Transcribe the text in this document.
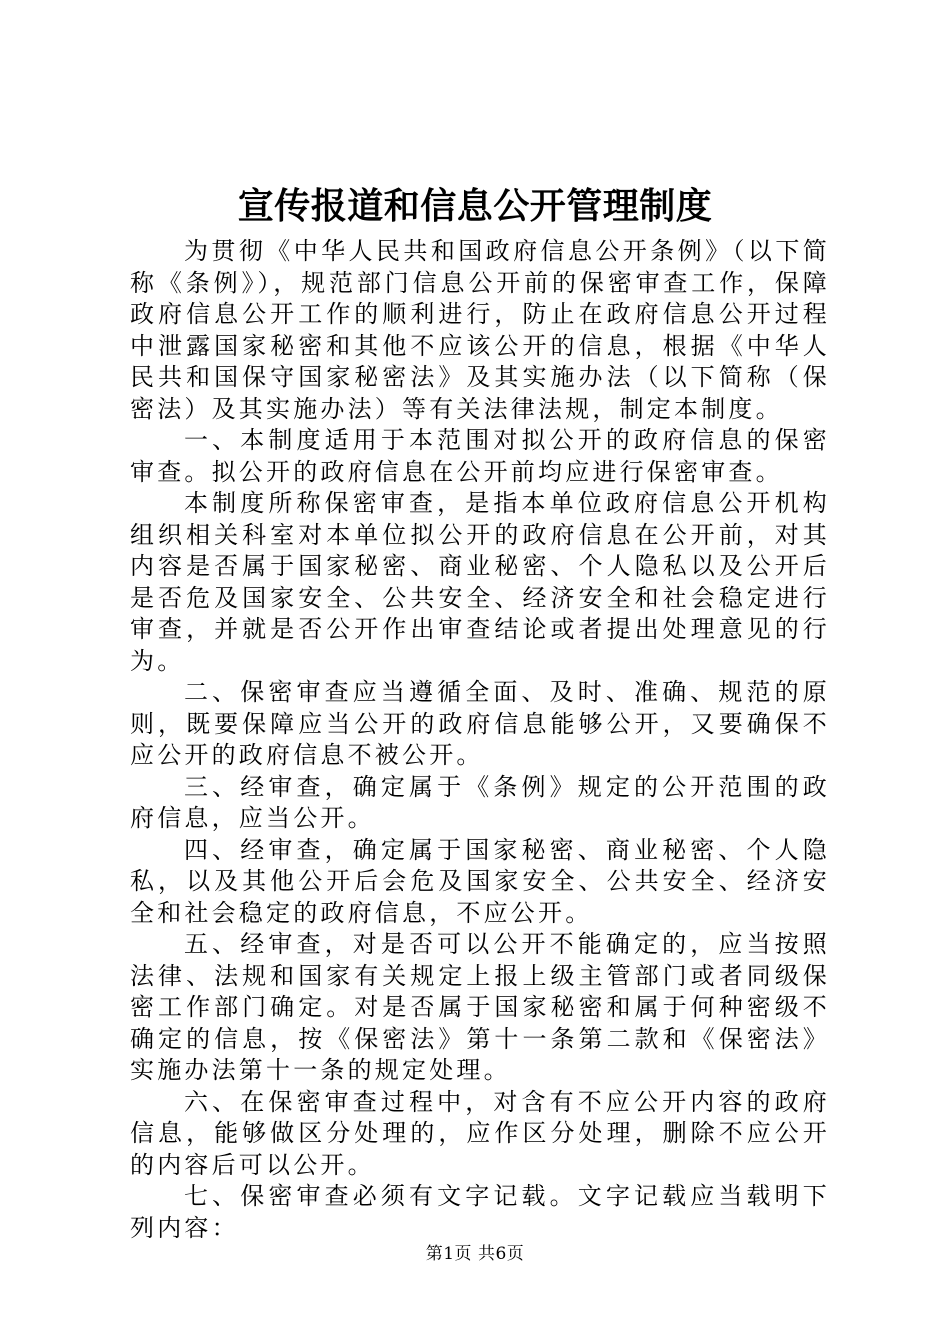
宣传报道和信息公开管理制度

为贯彻《中华人民共和国政府信息公开条例》（以下简称《条例》），规范部门信息公开前的保密审查工作，保障政府信息公开工作的顺利进行，防止在政府信息公开过程中泄露国家秘密和其他不应该公开的信息，根据《中华人民共和国保守国家秘密法》及其实施办法（以下简称（保密法）及其实施办法）等有关法律法规，制定本制度。

一、本制度适用于本范围对拟公开的政府信息的保密审查。拟公开的政府信息在公开前均应进行保密审查。

本制度所称保密审查，是指本单位政府信息公开机构组织相关科室对本单位拟公开的政府信息在公开前，对其内容是否属于国家秘密、商业秘密、个人隐私以及公开后是否危及国家安全、公共安全、经济安全和社会稳定进行审查，并就是否公开作出审查结论或者提出处理意见的行为。

二、保密审查应当遵循全面、及时、准确、规范的原则，既要保障应当公开的政府信息能够公开，又要确保不应公开的政府信息不被公开。

三、经审查，确定属于《条例》规定的公开范围的政府信息，应当公开。

四、经审查，确定属于国家秘密、商业秘密、个人隐私，以及其他公开后会危及国家安全、公共安全、经济安全和社会稳定的政府信息，不应公开。

五、经审查，对是否可以公开不能确定的，应当按照法律、法规和国家有关规定上报上级主管部门或者同级保密工作部门确定。对是否属于国家秘密和属于何种密级不确定的信息，按《保密法》第十一条第二款和《保密法》实施办法第十一条的规定处理。

六、在保密审查过程中，对含有不应公开内容的政府信息，能够做区分处理的，应作区分处理，删除不应公开的内容后可以公开。

七、保密审查必须有文字记载。文字记载应当载明下列内容：

第1页 共6页
